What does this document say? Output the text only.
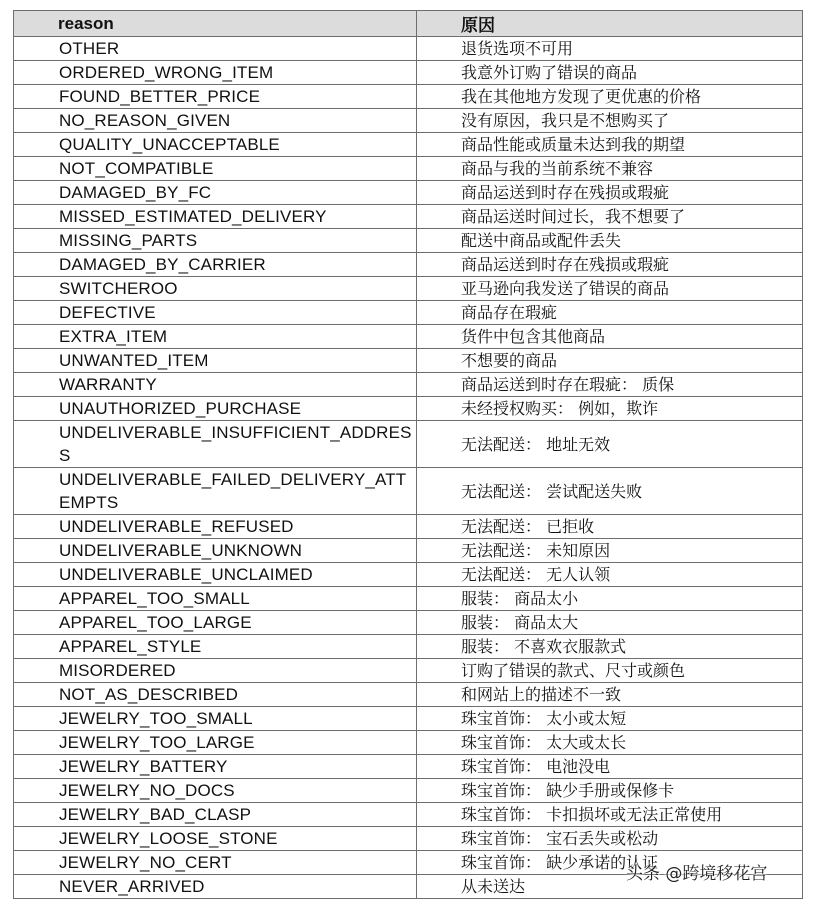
reason	原因
OTHER	退货选项不可用
ORDERED_WRONG_ITEM	我意外订购了错误的商品
FOUND_BETTER_PRICE	我在其他地方发现了更优惠的价格
NO_REASON_GIVEN	没有原因，我只是不想购买了
QUALITY_UNACCEPTABLE	商品性能或质量未达到我的期望
NOT_COMPATIBLE	商品与我的当前系统不兼容
DAMAGED_BY_FC	商品运送到时存在残损或瑕疵
MISSED_ESTIMATED_DELIVERY	商品运送时间过长，我不想要了
MISSING_PARTS	配送中商品或配件丢失
DAMAGED_BY_CARRIER	商品运送到时存在残损或瑕疵
SWITCHEROO	亚马逊向我发送了错误的商品
DEFECTIVE	商品存在瑕疵
EXTRA_ITEM	货件中包含其他商品
UNWANTED_ITEM	不想要的商品
WARRANTY	商品运送到时存在瑕疵： 质保
UNAUTHORIZED_PURCHASE	未经授权购买： 例如，欺诈
UNDELIVERABLE_INSUFFICIENT_ADDRESS	无法配送： 地址无效
UNDELIVERABLE_FAILED_DELIVERY_ATTEMPTS	无法配送： 尝试配送失败
UNDELIVERABLE_REFUSED	无法配送： 已拒收
UNDELIVERABLE_UNKNOWN	无法配送： 未知原因
UNDELIVERABLE_UNCLAIMED	无法配送： 无人认领
APPAREL_TOO_SMALL	服装： 商品太小
APPAREL_TOO_LARGE	服装： 商品太大
APPAREL_STYLE	服装： 不喜欢衣服款式
MISORDERED	订购了错误的款式、尺寸或颜色
NOT_AS_DESCRIBED	和网站上的描述不一致
JEWELRY_TOO_SMALL	珠宝首饰： 太小或太短
JEWELRY_TOO_LARGE	珠宝首饰： 太大或太长
JEWELRY_BATTERY	珠宝首饰： 电池没电
JEWELRY_NO_DOCS	珠宝首饰： 缺少手册或保修卡
JEWELRY_BAD_CLASP	珠宝首饰： 卡扣损坏或无法正常使用
JEWELRY_LOOSE_STONE	珠宝首饰： 宝石丢失或松动
JEWELRY_NO_CERT	珠宝首饰： 缺少承诺的认证
NEVER_ARRIVED	从未送达
头条 @跨境移花宫
